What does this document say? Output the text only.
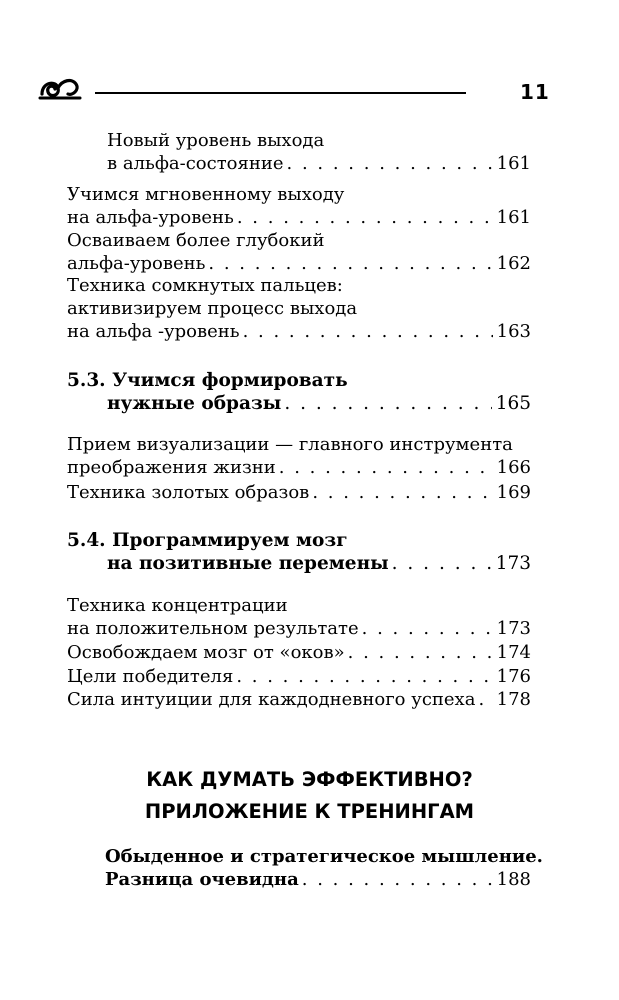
11
Новый уровень выхода
в альфа-состояние . . .	161
Учимся мгновенному выходу
на альфа-уровень . . .	161
Осваиваем более глубокий
альфа-уровень . . .	162
Техника сомкнутых пальцев:
активизируем процесс выхода
на альфа -уровень . . .	163
5.3. Учимся формировать
нужные образы . . .	165
Прием визуализации — главного инструмента
преображения жизни . . .	166
Техника золотых образов . . .	169
5.4. Программируем мозг
на позитивные перемены . . .	173
Техника концентрации
на положительном результате . . .	173
Освобождаем мозг от «оков» . . .	174
Цели победителя . . .	176
Сила интуиции для каждодневного успеха . . . 178
КАК ДУМАТЬ ЭФФЕКТИВНО?
ПРИЛОЖЕНИЕ К ТРЕНИНГАМ
Обыденное и стратегическое мышление.
Разница очевидна . . .	188
